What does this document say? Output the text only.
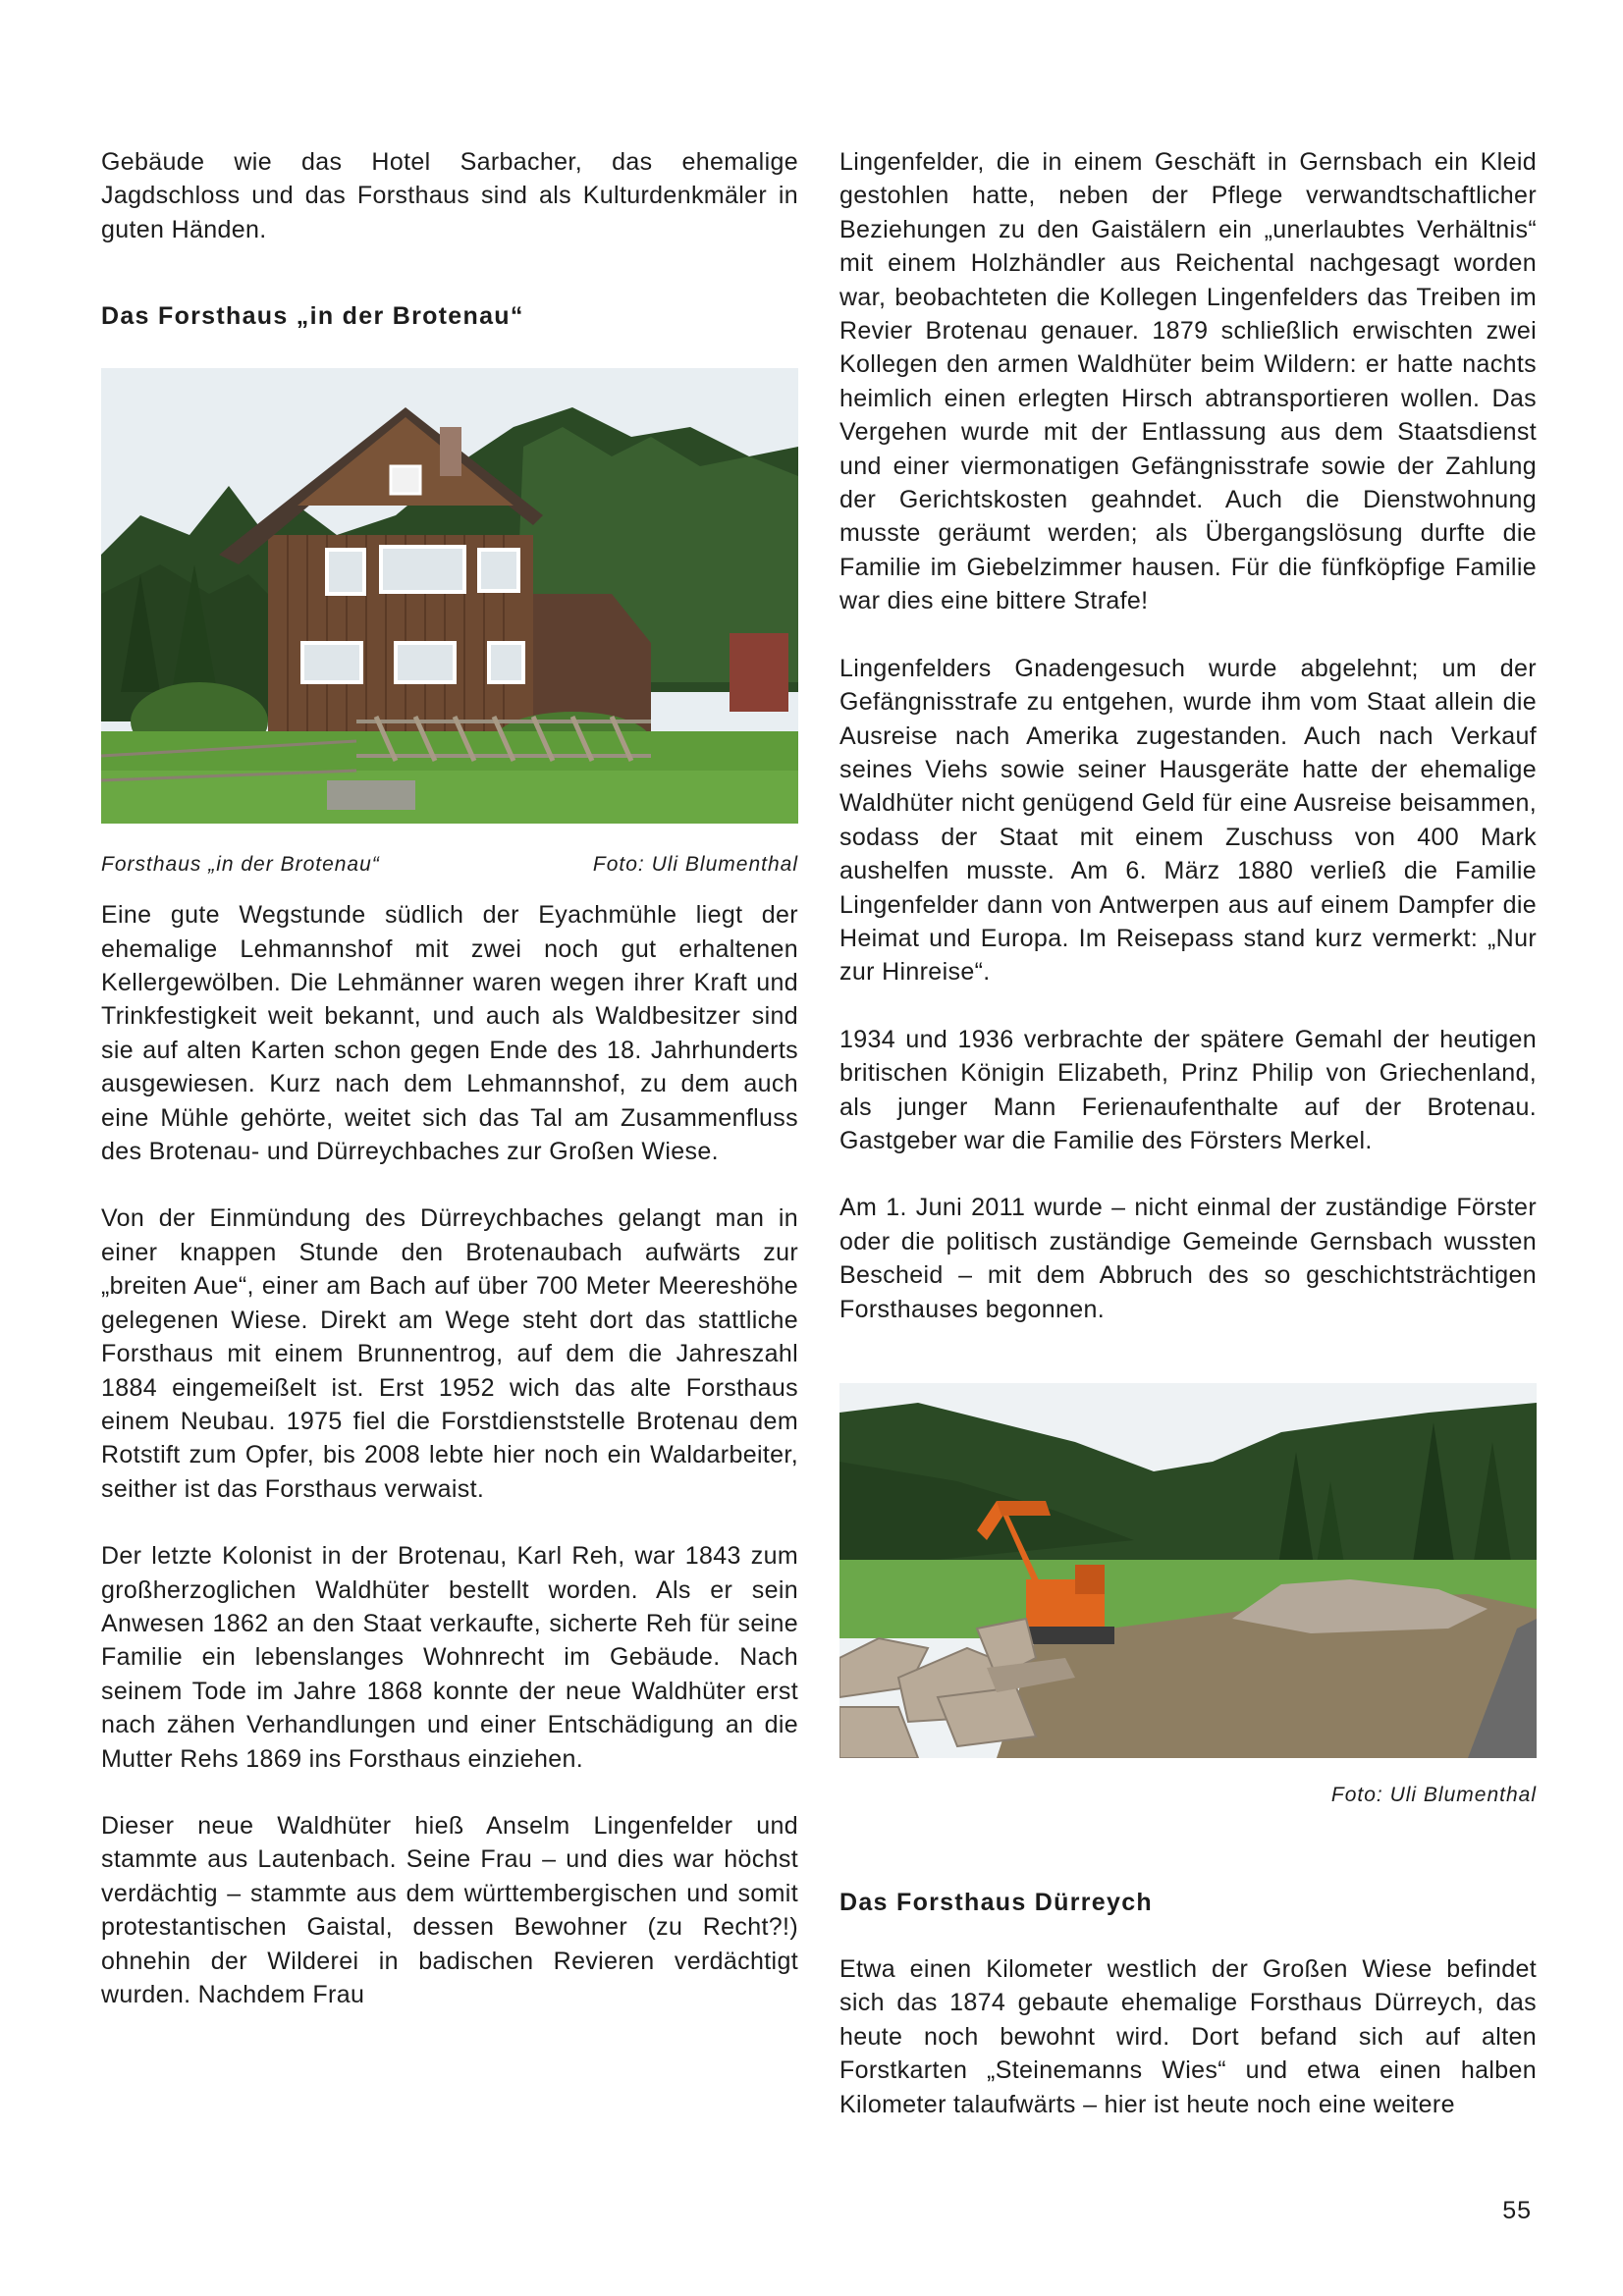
Gebäude wie das Hotel Sarbacher, das ehemalige Jagdschloss und das Forsthaus sind als Kulturdenkmäler in guten Händen.

Das Forsthaus „in der Brotenau“
Forsthaus „in der Brotenau“	Foto: Uli Blumenthal

Eine gute Wegstunde südlich der Eyachmühle liegt der ehemalige Lehmannshof mit zwei noch gut erhaltenen Kellergewölben. Die Lehmänner waren wegen ihrer Kraft und Trinkfestigkeit weit bekannt, und auch als Waldbesitzer sind sie auf alten Karten schon gegen Ende des 18. Jahrhunderts ausgewiesen. Kurz nach dem Lehmannshof, zu dem auch eine Mühle gehörte, weitet sich das Tal am Zusammenfluss des Brotenau- und Dürreychbaches zur Großen Wiese.

Von der Einmündung des Dürreychbaches gelangt man in einer knappen Stunde den Brotenaubach aufwärts zur „breiten Aue“, einer am Bach auf über 700 Meter Meereshöhe gelegenen Wiese. Direkt am Wege steht dort das stattliche Forsthaus mit einem Brunnentrog, auf dem die Jahreszahl 1884 eingemeißelt ist. Erst 1952 wich das alte Forsthaus einem Neubau. 1975 fiel die Forstdienststelle Brotenau dem Rotstift zum Opfer, bis 2008 lebte hier noch ein Waldarbeiter, seither ist das Forsthaus verwaist.

Der letzte Kolonist in der Brotenau, Karl Reh, war 1843 zum großherzoglichen Waldhüter bestellt worden. Als er sein Anwesen 1862 an den Staat verkaufte, sicherte Reh für seine Familie ein lebenslanges Wohnrecht im Gebäude. Nach seinem Tode im Jahre 1868 konnte der neue Waldhüter erst nach zähen Verhandlungen und einer Entschädigung an die Mutter Rehs 1869 ins Forsthaus einziehen.

Dieser neue Waldhüter hieß Anselm Lingenfelder und stammte aus Lautenbach. Seine Frau – und dies war höchst verdächtig – stammte aus dem württembergischen und somit protestantischen Gaistal, dessen Bewohner (zu Recht?!) ohnehin der Wilderei in badischen Revieren verdächtigt wurden. Nachdem Frau

Lingenfelder, die in einem Geschäft in Gernsbach ein Kleid gestohlen hatte, neben der Pflege verwandtschaftlicher Beziehungen zu den Gaistälern ein „unerlaubtes Verhältnis“ mit einem Holzhändler aus Reichental nachgesagt worden war, beobachteten die Kollegen Lingenfelders das Treiben im Revier Brotenau genauer. 1879 schließlich erwischten zwei Kollegen den armen Waldhüter beim Wildern: er hatte nachts heimlich einen erlegten Hirsch abtransportieren wollen. Das Vergehen wurde mit der Entlassung aus dem Staatsdienst und einer viermonatigen Gefängnisstrafe sowie der Zahlung der Gerichtskosten geahndet. Auch die Dienstwohnung musste geräumt werden; als Übergangslösung durfte die Familie im Giebelzimmer hausen. Für die fünfköpfige Familie war dies eine bittere Strafe!

Lingenfelders Gnadengesuch wurde abgelehnt; um der Gefängnisstrafe zu entgehen, wurde ihm vom Staat allein die Ausreise nach Amerika zugestanden. Auch nach Verkauf seines Viehs sowie seiner Hausgeräte hatte der ehemalige Waldhüter nicht genügend Geld für eine Ausreise beisammen, sodass der Staat mit einem Zuschuss von 400 Mark aushelfen musste. Am 6. März 1880 verließ die Familie Lingenfelder dann von Antwerpen aus auf einem Dampfer die Heimat und Europa. Im Reisepass stand kurz vermerkt: „Nur zur Hinreise“.

1934 und 1936 verbrachte der spätere Gemahl der heutigen britischen Königin Elizabeth, Prinz Philip von Griechenland, als junger Mann Ferienaufenthalte auf der Brotenau. Gastgeber war die Familie des Försters Merkel.

Am 1. Juni 2011 wurde – nicht einmal der zuständige Förster oder die politisch zuständige Gemeinde Gernsbach wussten Bescheid – mit dem Abbruch des so geschichtsträchtigen Forsthauses begonnen.

Foto: Uli Blumenthal
Das Forsthaus Dürreych

Etwa einen Kilometer westlich der Großen Wiese befindet sich das 1874 gebaute ehemalige Forsthaus Dürreych, das heute noch bewohnt wird. Dort befand sich auf alten Forstkarten „Steinemanns Wies“ und etwa einen halben Kilometer talaufwärts – hier ist heute noch eine weitere

55
